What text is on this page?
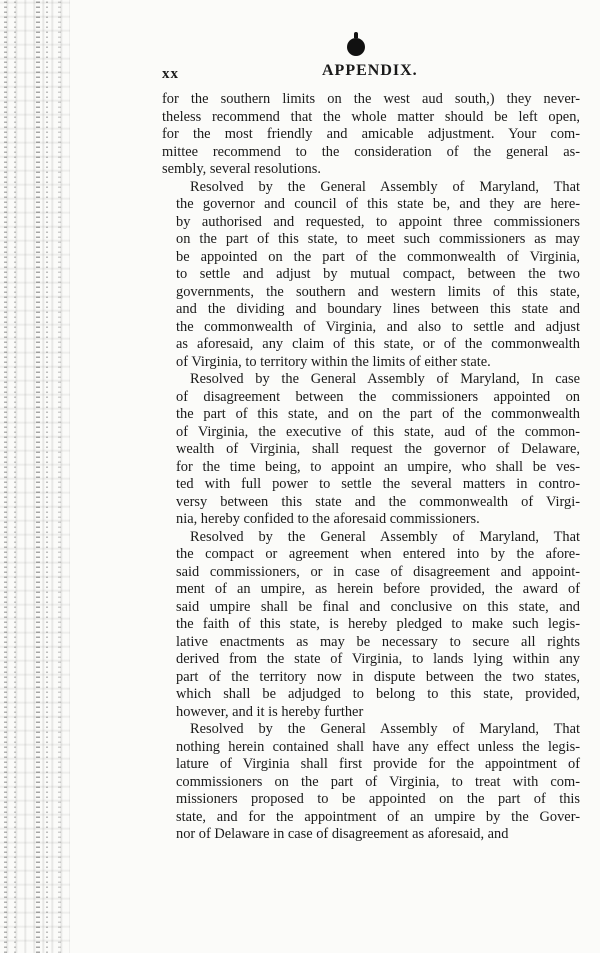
xx	APPENDIX.
for the southern limits on the west aud south,) they never-
theless recommend that the whole matter should be left open,
for the most friendly and amicable adjustment. Your com-
mittee recommend to the consideration of the general as-
sembly, several resolutions.
Resolved by the General Assembly of Maryland, That
the governor and council of this state be, and they are here-
by authorised and requested, to appoint three commissioners
on the part of this state, to meet such commissioners as may
be appointed on the part of the commonwealth of Virginia,
to settle and adjust by mutual compact, between the two
governments, the southern and western limits of this state,
and the dividing and boundary lines between this state and
the commonwealth of Virginia, and also to settle and adjust
as aforesaid, any claim of this state, or of the commonwealth
of Virginia, to territory within the limits of either state.
Resolved by the General Assembly of Maryland, In case
of disagreement between the commissioners appointed on
the part of this state, and on the part of the commonwealth
of Virginia, the executive of this state, aud of the common-
wealth of Virginia, shall request the governor of Delaware,
for the time being, to appoint an umpire, who shall be ves-
ted with full power to settle the several matters in contro-
versy between this state and the commonwealth of Virgi-
nia, hereby confided to the aforesaid commissioners.
Resolved by the General Assembly of Maryland, That
the compact or agreement when entered into by the afore-
said commissioners, or in case of disagreement and appoint-
ment of an umpire, as herein before provided, the award of
said umpire shall be final and conclusive on this state, and
the faith of this state, is hereby pledged to make such legis-
lative enactments as may be necessary to secure all rights
derived from the state of Virginia, to lands lying within any
part of the territory now in dispute between the two states,
which shall be adjudged to belong to this state, provided,
however, and it is hereby further
Resolved by the General Assembly of Maryland, That
nothing herein contained shall have any effect unless the legis-
lature of Virginia shall first provide for the appointment of
commissioners on the part of Virginia, to treat with com-
missioners proposed to be appointed on the part of this
state, and for the appointment of an umpire by the Gover-
nor of Delaware in case of disagreement as aforesaid, and
